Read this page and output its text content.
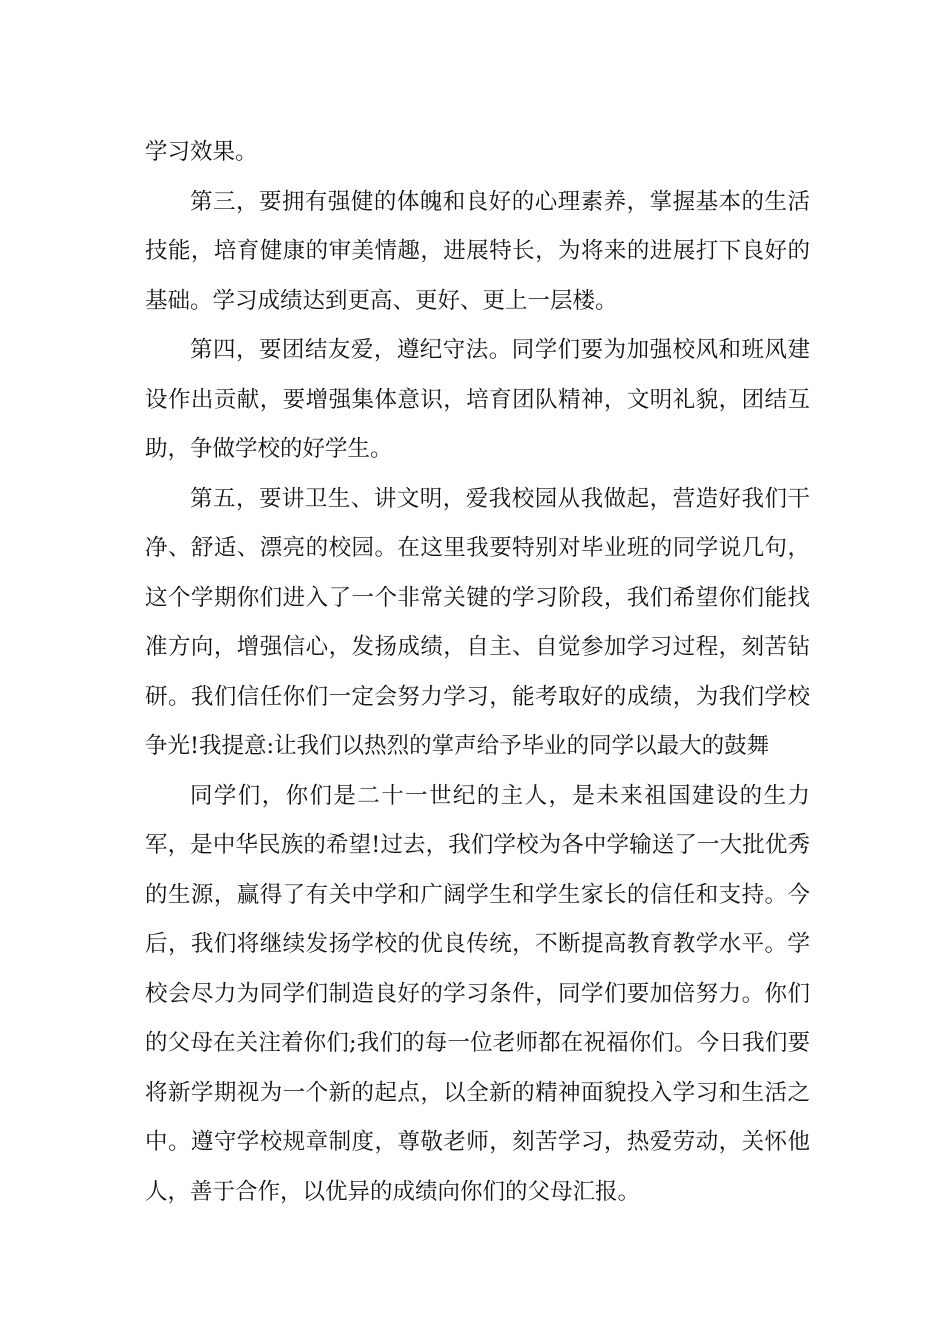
学习效果。

第三，要拥有强健的体魄和良好的心理素养，掌握基本的生活技能，培育健康的审美情趣，进展特长，为将来的进展打下良好的基础。学习成绩达到更高、更好、更上一层楼。

第四，要团结友爱，遵纪守法。同学们要为加强校风和班风建设作出贡献，要增强集体意识，培育团队精神，文明礼貌，团结互助，争做学校的好学生。

第五，要讲卫生、讲文明，爱我校园从我做起，营造好我们干净、舒适、漂亮的校园。在这里我要特别对毕业班的同学说几句，这个学期你们进入了一个非常关键的学习阶段，我们希望你们能找准方向，增强信心，发扬成绩，自主、自觉参加学习过程，刻苦钻研。我们信任你们一定会努力学习，能考取好的成绩，为我们学校争光!我提意:让我们以热烈的掌声给予毕业的同学以最大的鼓舞

同学们，你们是二十一世纪的主人，是未来祖国建设的生力军，是中华民族的希望!过去，我们学校为各中学输送了一大批优秀的生源，赢得了有关中学和广阔学生和学生家长的信任和支持。今后，我们将继续发扬学校的优良传统，不断提高教育教学水平。学校会尽力为同学们制造良好的学习条件，同学们要加倍努力。你们的父母在关注着你们;我们的每一位老师都在祝福你们。今日我们要将新学期视为一个新的起点，以全新的精神面貌投入学习和生活之中。遵守学校规章制度，尊敬老师，刻苦学习，热爱劳动，关怀他人，善于合作，以优异的成绩向你们的父母汇报。
